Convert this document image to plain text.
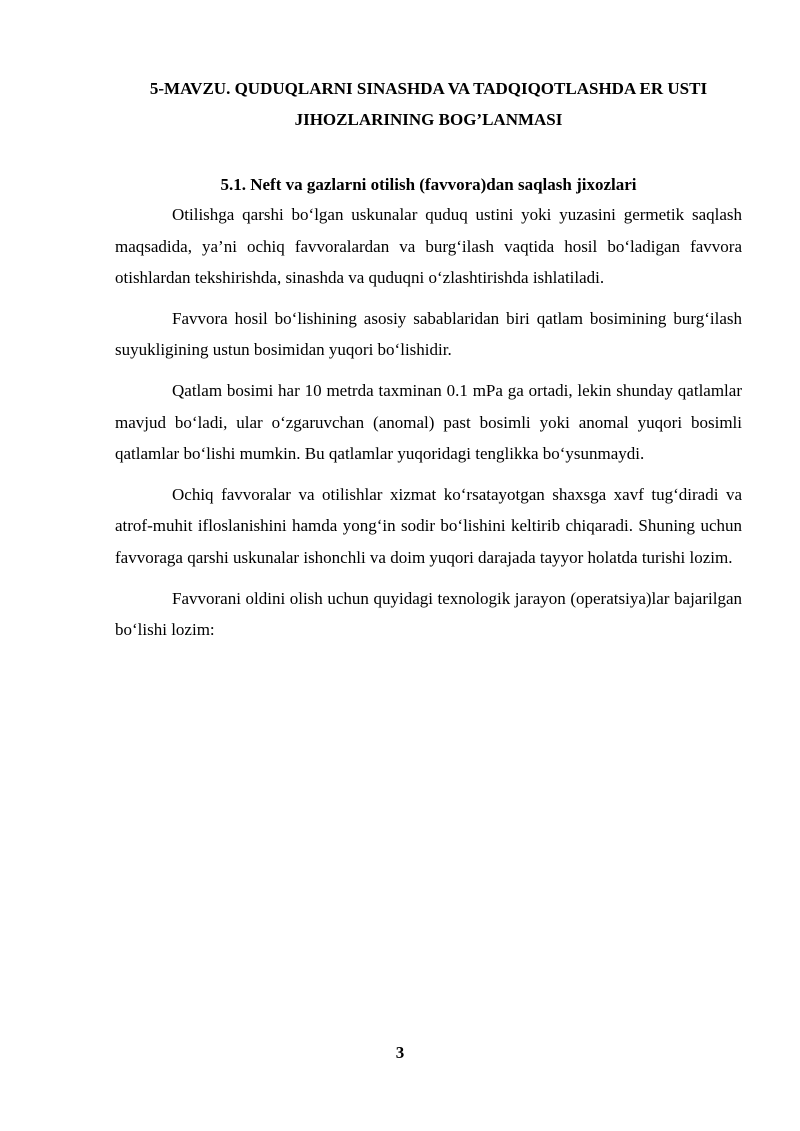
5-MAVZU. QUDUQLARNI SINASHDA VA TADQIQOTLASHDA ER USTI JIHOZLARINING BOG’LANMASI
5.1. Neft va gazlarni otilish (favvora)dan saqlash jixozlari

Otilishga qarshi bo‘lgan uskunalar quduq ustini yoki yuzasini germetik saqlash maqsadida, ya’ni ochiq favvoralardan va burg‘ilash vaqtida hosil bo‘ladigan favvora otishlardan tekshirishda, sinashda va quduqni o‘zlashtirishda ishlatiladi.

Favvora hosil bo‘lishining asosiy sabablaridan biri qatlam bosimining burg‘ilash suyukligining ustun bosimidan yuqori bo‘lishidir.

Qatlam bosimi har 10 metrda taxminan 0.1 mPa ga ortadi, lekin shunday qatlamlar mavjud bo‘ladi, ular o‘zgaruvchan (anomal) past bosimli yoki anomal yuqori bosimli qatlamlar bo‘lishi mumkin. Bu qatlamlar yuqoridagi tenglikka bo‘ysunmaydi.

Ochiq favvoralar va otilishlar xizmat ko‘rsatayotgan shaxsga xavf tug‘diradi va atrof-muhit ifloslanishini hamda yong‘in sodir bo‘lishini keltirib chiqaradi. Shuning uchun favvoraga qarshi uskunalar ishonchli va doim yuqori darajada tayyor holatda turishi lozim.

Favvorani oldini olish uchun quyidagi texnologik jarayon (operatsiya)lar bajarilgan bo‘lishi lozim:

3
